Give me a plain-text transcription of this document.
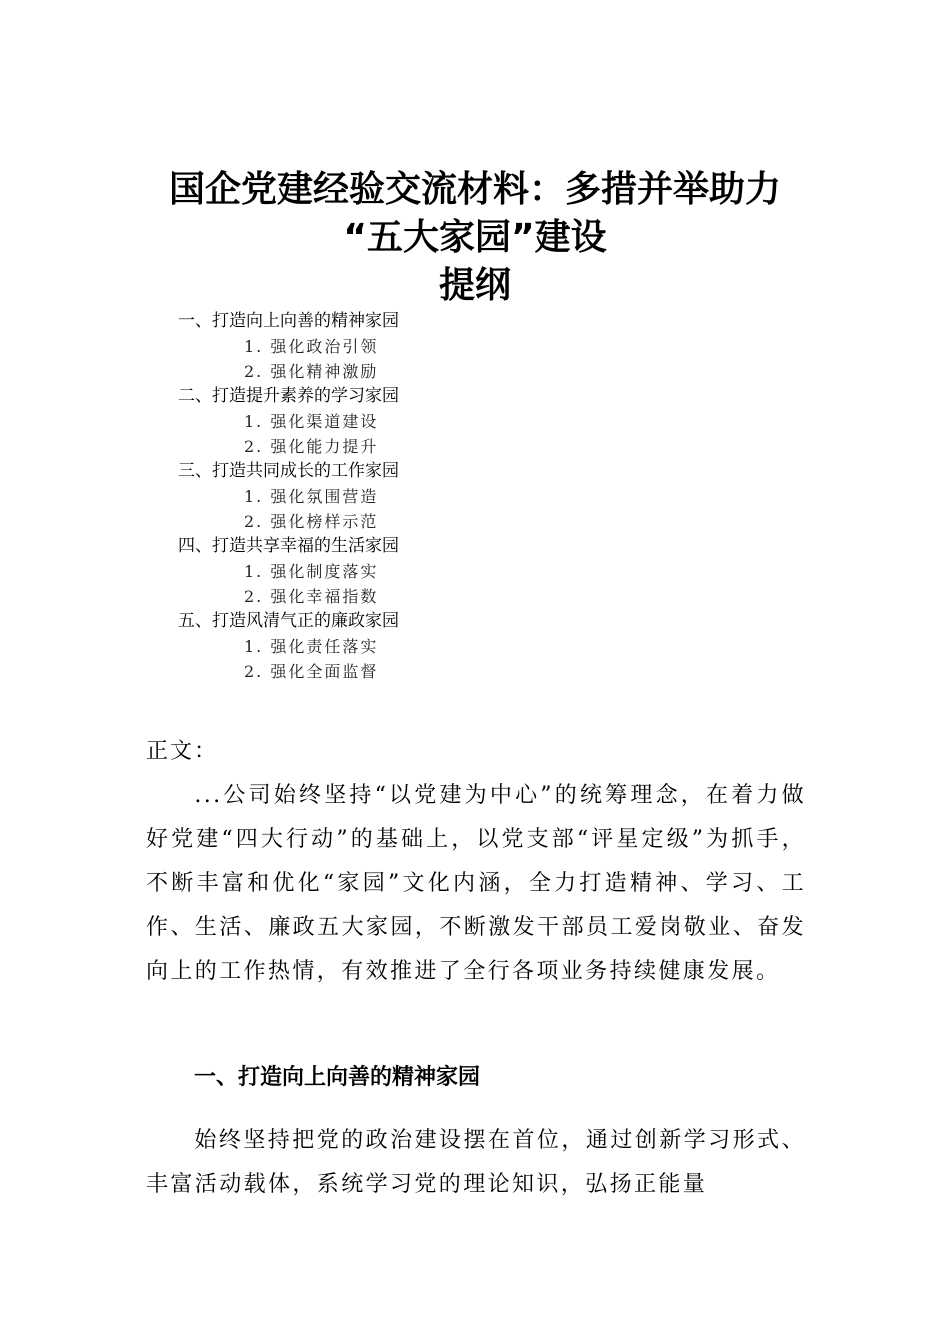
国企党建经验交流材料：多措并举助力
“五大家园”建设
提纲
一、打造向上向善的精神家园
1. 强化政治引领
2. 强化精神激励
二、打造提升素养的学习家园
1. 强化渠道建设
2. 强化能力提升
三、打造共同成长的工作家园
1. 强化氛围营造
2. 强化榜样示范
四、打造共享幸福的生活家园
1. 强化制度落实
2. 强化幸福指数
五、打造风清气正的廉政家园
1. 强化责任落实
2. 强化全面监督
正文：

...公司始终坚持“以党建为中心”的统筹理念，在着力做好党建“四大行动”的基础上，以党支部“评星定级”为抓手，不断丰富和优化“家园”文化内涵，全力打造精神、学习、工作、生活、廉政五大家园，不断激发干部员工爱岗敬业、奋发向上的工作热情，有效推进了全行各项业务持续健康发展。

一、打造向上向善的精神家园

始终坚持把党的政治建设摆在首位，通过创新学习形式、丰富活动载体，系统学习党的理论知识，弘扬正能量
